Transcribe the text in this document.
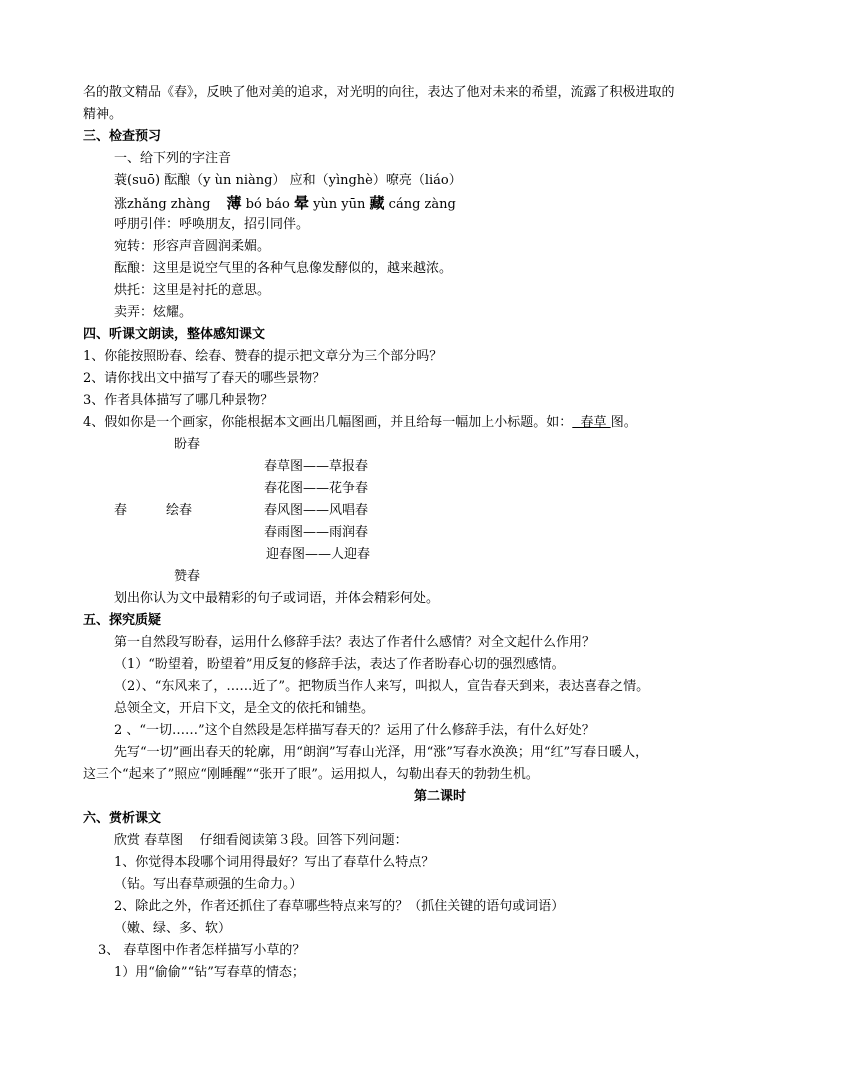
名的散文精品《春》，反映了他对美的追求，对光明的向往，表达了他对未来的希望，流露了积极进取的
精神。
三、检查预习
一、给下列的字注音
蓑(suō) 酝酿（y ùn niàng） 应和（yìnghè）嘹亮（liáo）
涨zhǎng zhàng 薄 bó báo 晕 yùn yūn 藏 cáng zàng
呼朋引伴：呼唤朋友，招引同伴。
宛转：形容声音圆润柔媚。
酝酿：这里是说空气里的各种气息像发酵似的，越来越浓。
烘托：这里是衬托的意思。
卖弄：炫耀。
四、听课文朗读，整体感知课文
1、你能按照盼春、绘春、赞春的提示把文章分为三个部分吗？
2、请你找出文中描写了春天的哪些景物？
3、作者具体描写了哪几种景物？
4、假如你是一个画家，你能根据本文画出几幅图画，并且给每一幅加上小标题。如：  春草 图。
盼春
春草图——草报春
春花图——花争春
春	绘春	春风图——风唱春
春雨图——雨润春
迎春图——人迎春
赞春
划出你认为文中最精彩的句子或词语，并体会精彩何处。
五、探究质疑
第一自然段写盼春，运用什么修辞手法？表达了作者什么感情？对全文起什么作用？
（1）“盼望着，盼望着”用反复的修辞手法，表达了作者盼春心切的强烈感情。
（2）、“东风来了，……近了”。把物质当作人来写，叫拟人，宣告春天到来，表达喜春之情。
总领全文，开启下文，是全文的依托和铺垫。
2 、“一切……”这个自然段是怎样描写春天的？运用了什么修辞手法，有什么好处？
先写“一切”画出春天的轮廓，用“朗润”写春山光泽，用“涨”写春水涣涣；用“红”写春日暖人，
这三个“起来了”照应“刚睡醒”“张开了眼”。运用拟人，勾勒出春天的勃勃生机。
第二课时
六、赏析课文
欣赏 春草图    仔细看阅读第３段。回答下列问题：
1、你觉得本段哪个词用得最好？写出了春草什么特点？
（钻。写出春草顽强的生命力。）
2、除此之外，作者还抓住了春草哪些特点来写的？（抓住关键的语句或词语）
（嫩、绿、多、软）
3、 春草图中作者怎样描写小草的？
1）用“偷偷”“钻”写春草的情态；
